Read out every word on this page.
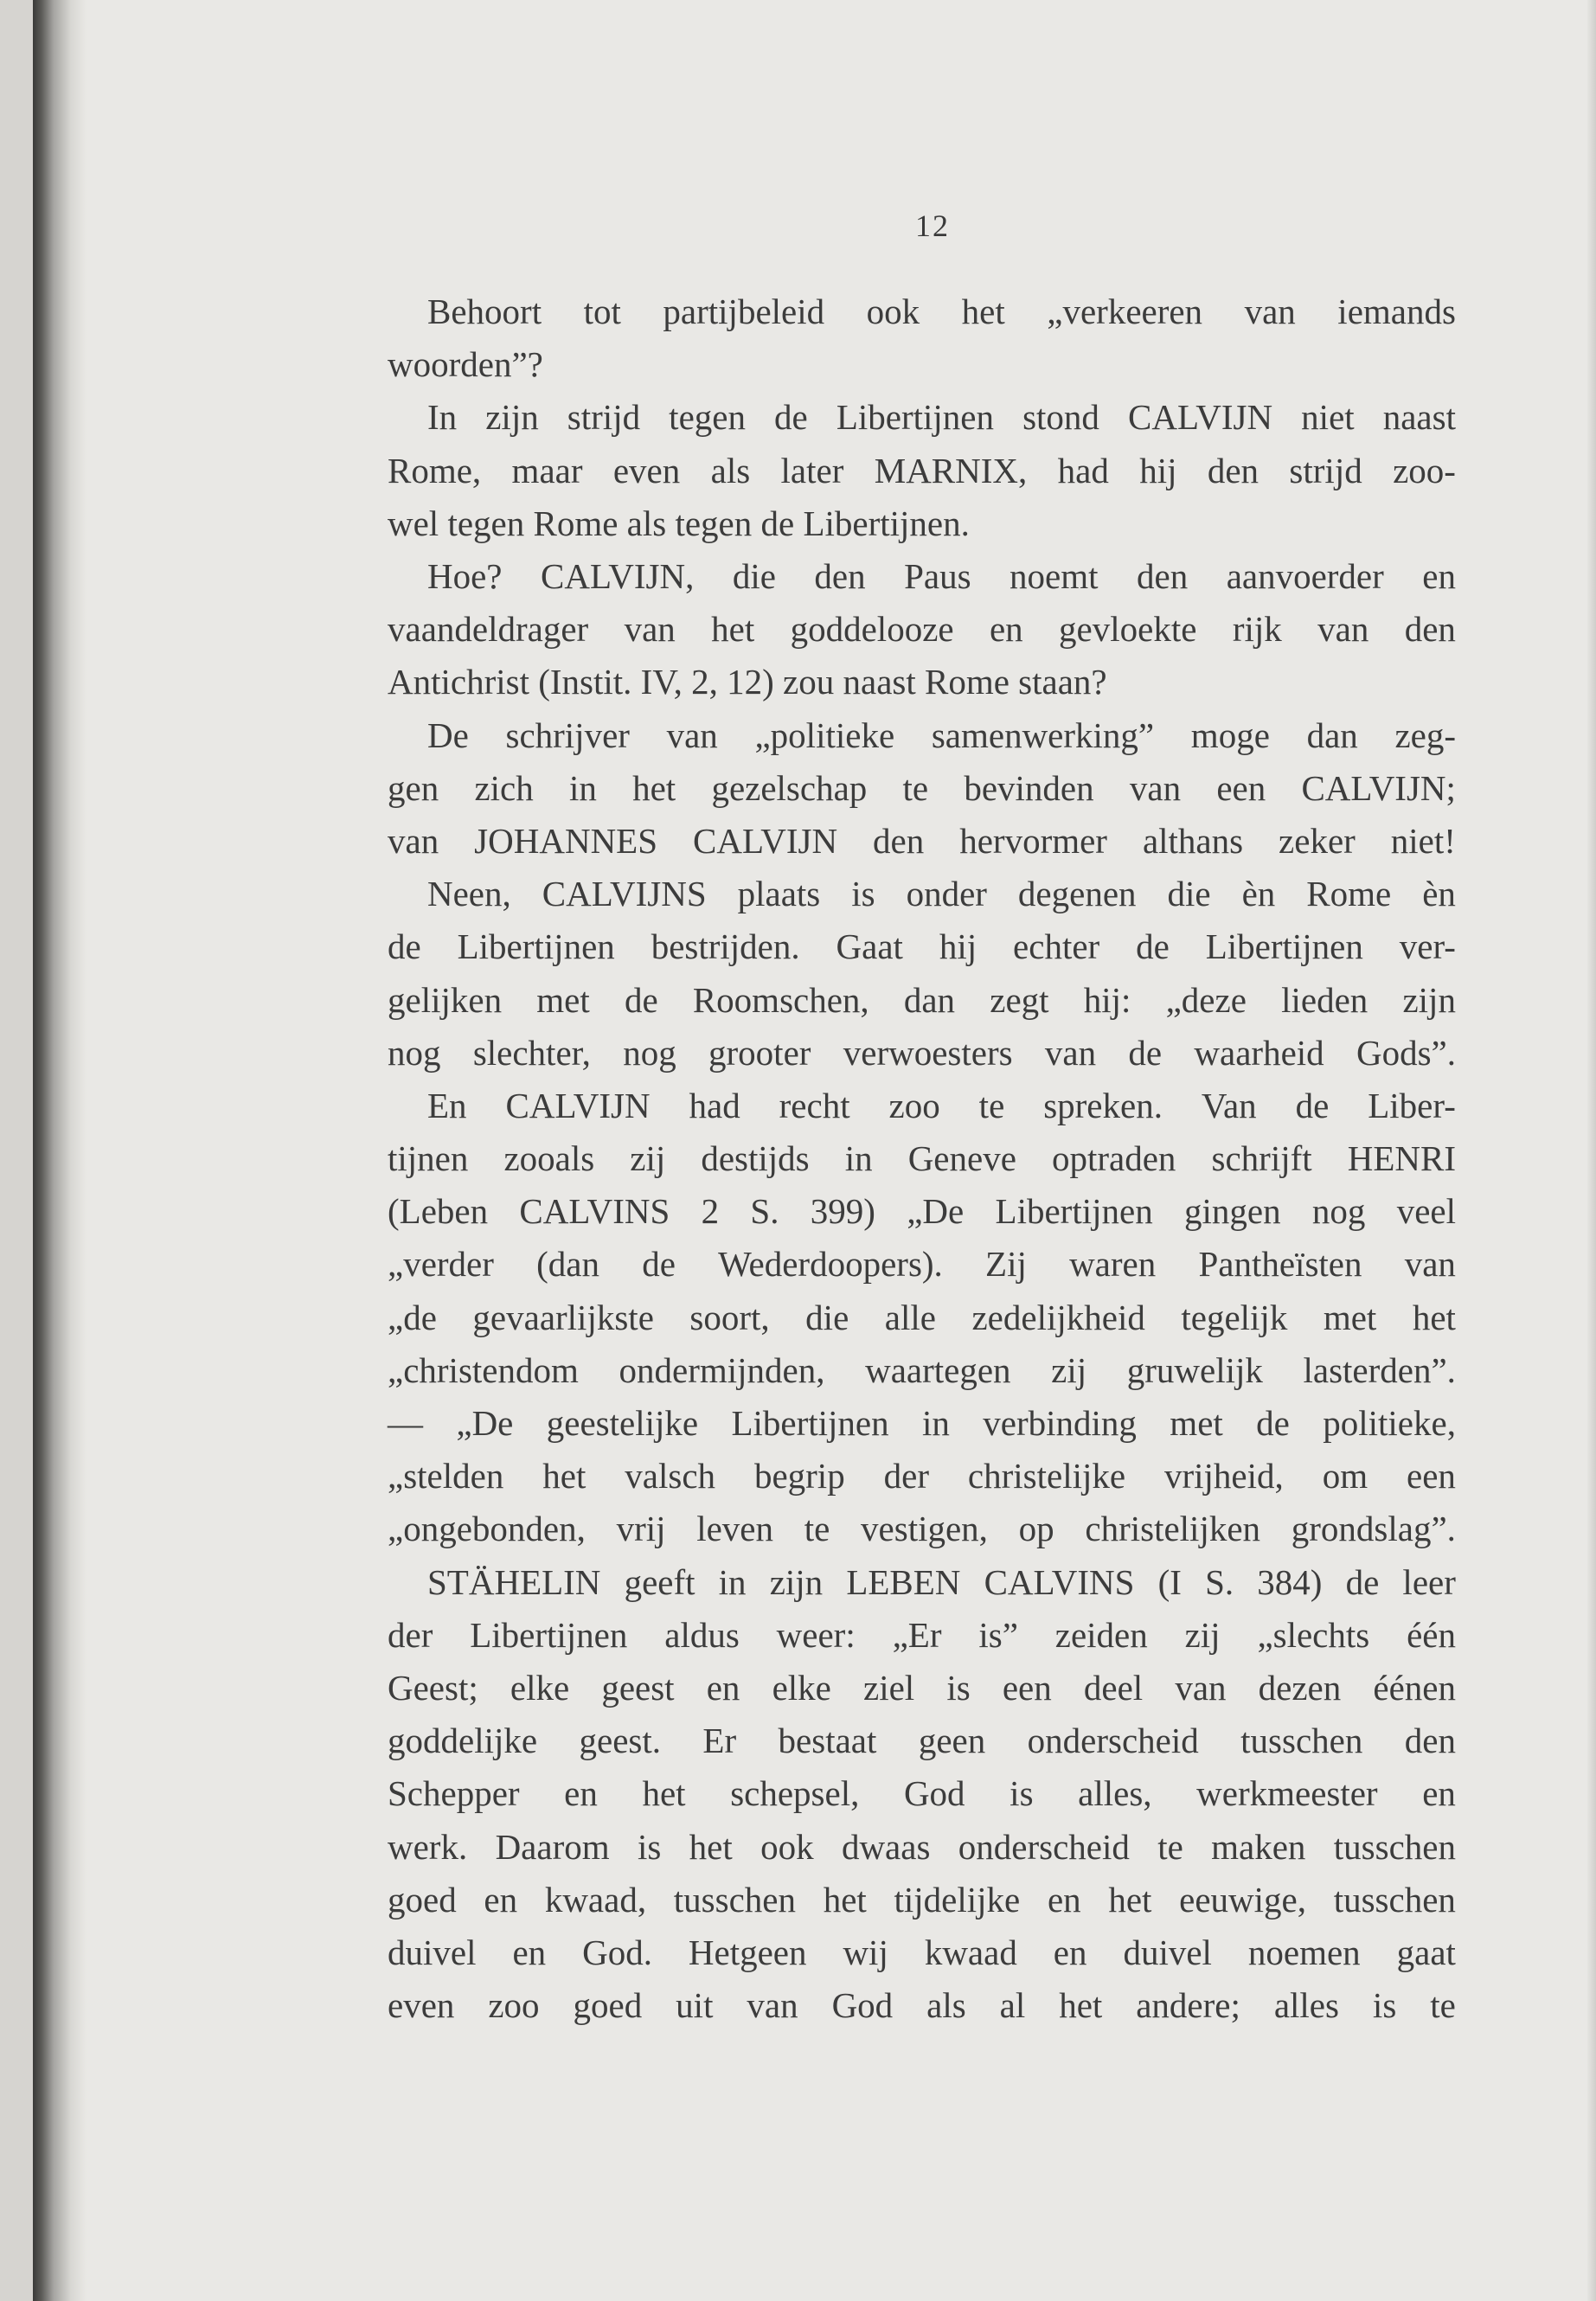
12
Behoort tot partijbeleid ook het „verkeeren van iemands
woorden”?
In zijn strijd tegen de Libertijnen stond CALVIJN niet naast
Rome, maar even als later MARNIX, had hij den strijd zoo-
wel tegen Rome als tegen de Libertijnen.
Hoe? CALVIJN, die den Paus noemt den aanvoerder en
vaandeldrager van het goddelooze en gevloekte rijk van den
Antichrist (Instit. IV, 2, 12) zou naast Rome staan?
De schrijver van „politieke samenwerking” moge dan zeg-
gen zich in het gezelschap te bevinden van een CALVIJN;
van JOHANNES CALVIJN den hervormer althans zeker niet!
Neen, CALVIJNS plaats is onder degenen die èn Rome èn
de Libertijnen bestrijden. Gaat hij echter de Libertijnen ver-
gelijken met de Roomschen, dan zegt hij: „deze lieden zijn
nog slechter, nog grooter verwoesters van de waarheid Gods”.
En CALVIJN had recht zoo te spreken. Van de Liber-
tijnen zooals zij destijds in Geneve optraden schrijft HENRI
(Leben CALVINS 2 S. 399) „De Libertijnen gingen nog veel
„verder (dan de Wederdoopers). Zij waren Pantheïsten van
„de gevaarlijkste soort, die alle zedelijkheid tegelijk met het
„christendom ondermijnden, waartegen zij gruwelijk lasterden”.
— „De geestelijke Libertijnen in verbinding met de politieke,
„stelden het valsch begrip der christelijke vrijheid, om een
„ongebonden, vrij leven te vestigen, op christelijken grondslag”.
STÄHELIN geeft in zijn LEBEN CALVINS (I S. 384) de leer
der Libertijnen aldus weer: „Er is” zeiden zij „slechts één
Geest; elke geest en elke ziel is een deel van dezen éénen
goddelijke geest. Er bestaat geen onderscheid tusschen den
Schepper en het schepsel, God is alles, werkmeester en
werk. Daarom is het ook dwaas onderscheid te maken tusschen
goed en kwaad, tusschen het tijdelijke en het eeuwige, tusschen
duivel en God. Hetgeen wij kwaad en duivel noemen gaat
even zoo goed uit van God als al het andere; alles is te
